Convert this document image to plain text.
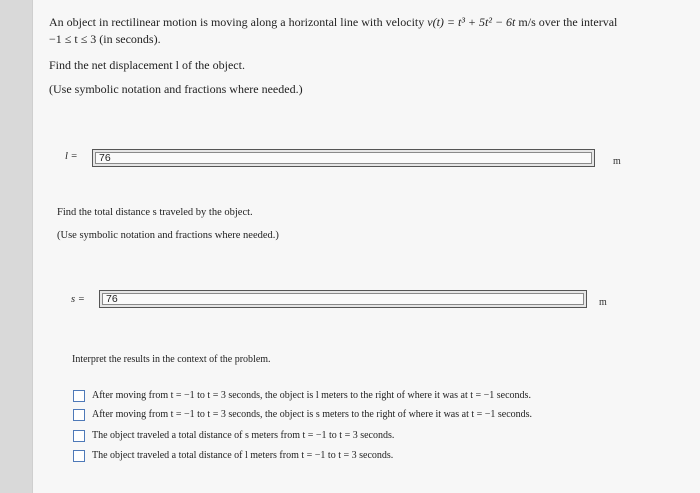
An object in rectilinear motion is moving along a horizontal line with velocity v(t) = t³ + 5t² − 6t m/s over the interval
−1 ≤ t ≤ 3 (in seconds).
Find the net displacement l of the object.
(Use symbolic notation and fractions where needed.)
l = 76	m
Find the total distance s traveled by the object.
(Use symbolic notation and fractions where needed.)
s = 76	m
Interpret the results in the context of the problem.
After moving from t = −1 to t = 3 seconds, the object is l meters to the right of where it was at t = −1 seconds.
After moving from t = −1 to t = 3 seconds, the object is s meters to the right of where it was at t = −1 seconds.
The object traveled a total distance of s meters from t = −1 to t = 3 seconds.
The object traveled a total distance of l meters from t = −1 to t = 3 seconds.
